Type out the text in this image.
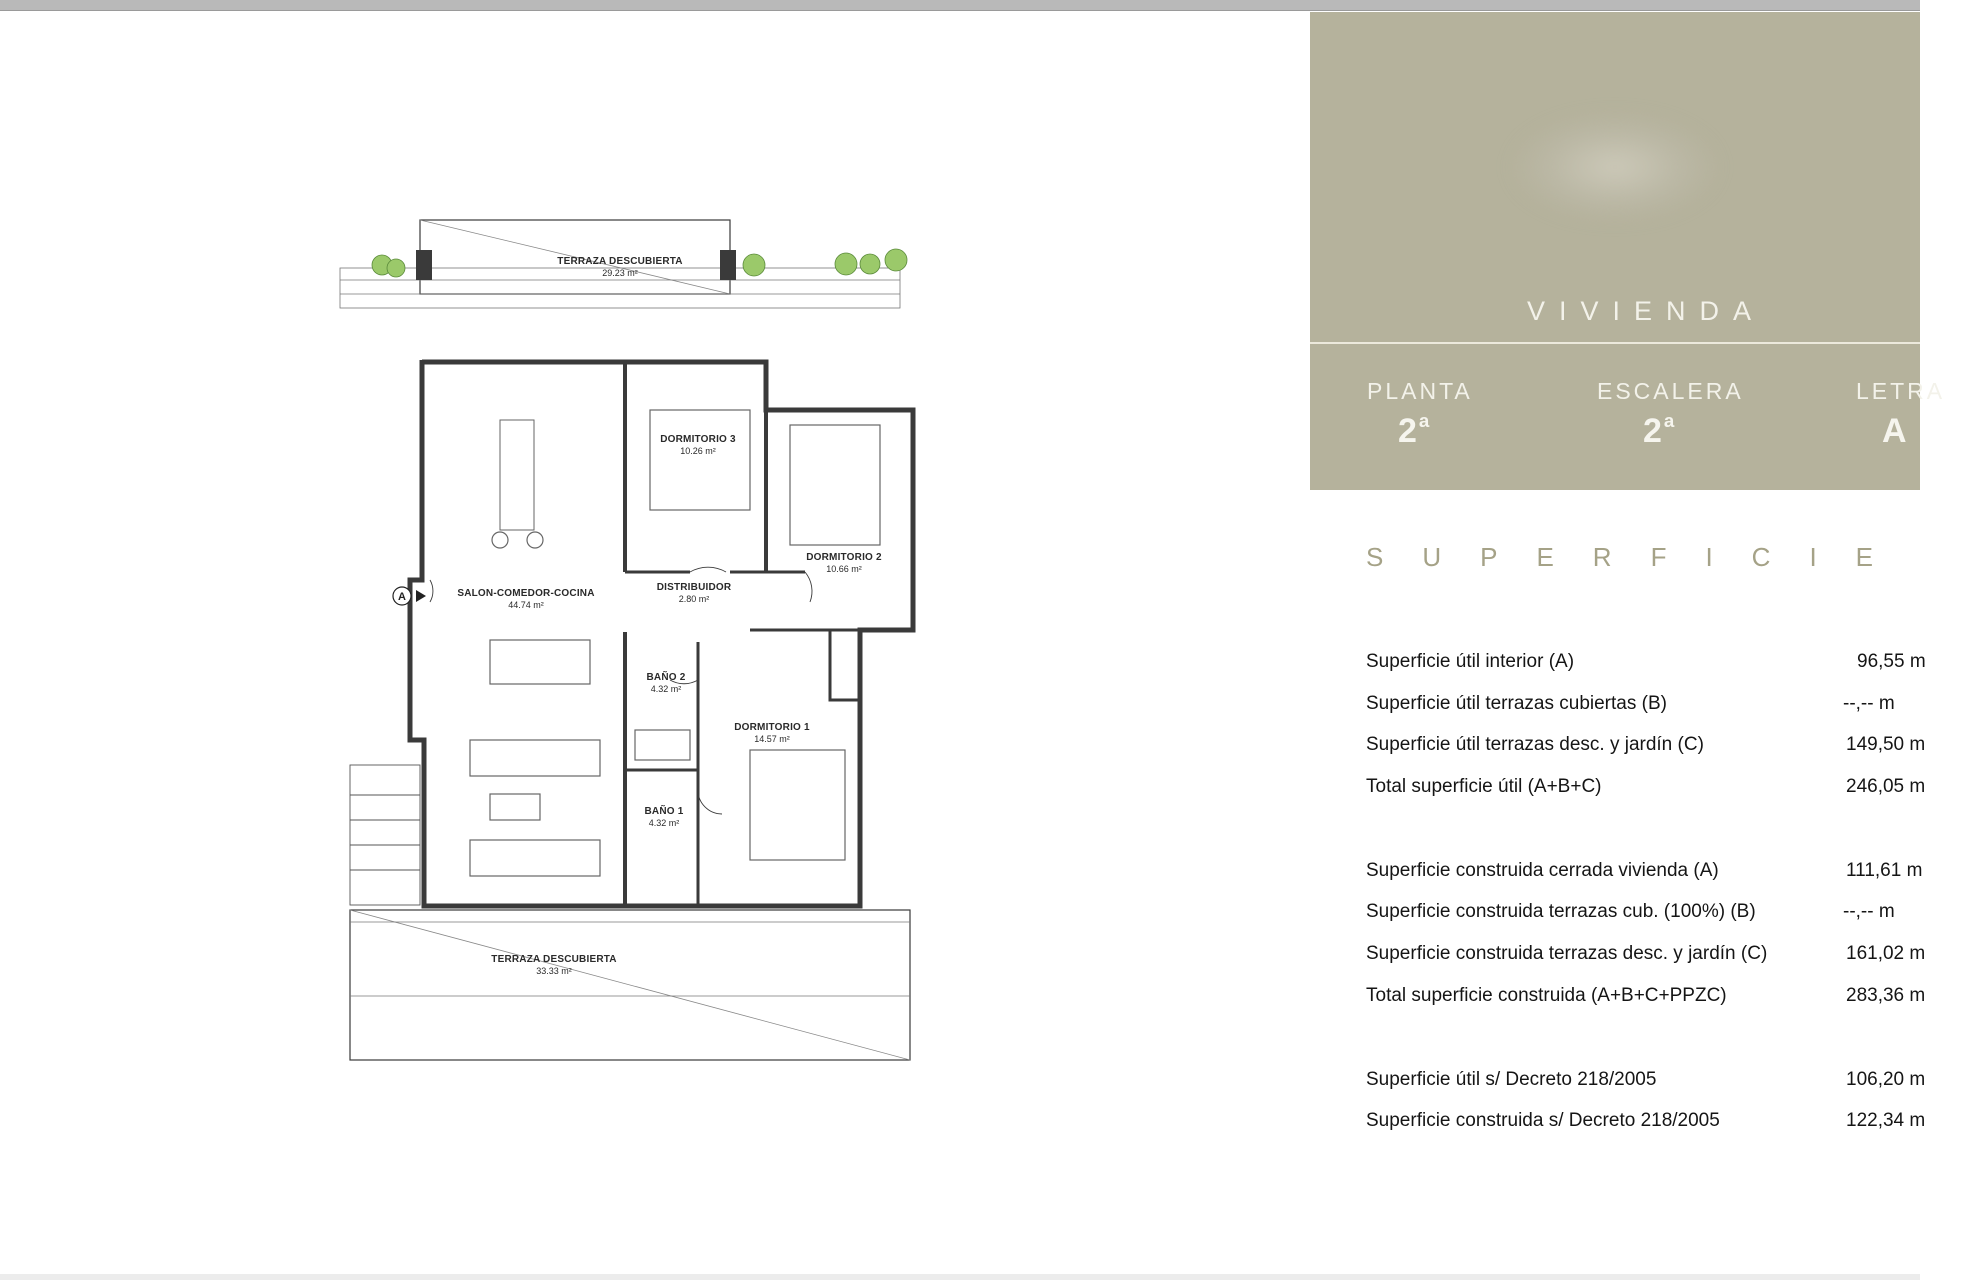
A
TERRAZA DESCUBIERTA
29.23 m²
DORMITORIO 3
10.26 m²
DORMITORIO 2
10.66 m²
SALON-COMEDOR-COCINA
44.74 m²
DISTRIBUIDOR
2.80 m²
BAÑO 2
4.32 m²
DORMITORIO 1
14.57 m²
BAÑO 1
4.32 m²
TERRAZA DESCUBIERTA
33.33 m²
VIVIENDA
PLANTA
2 $^a$
ESCALERA
2 $^a$
LETRA
A
SUPERFICIE
Superficie útil interior (A)	96,55 m
Superficie útil terrazas cubiertas (B)	--,-- m
Superficie útil terrazas desc. y jardín (C)	149,50 m
Total superficie útil (A+B+C)	246,05 m
Superficie construida cerrada vivienda (A)	111,61 m
Superficie construida terrazas cub. (100%) (B)	--,-- m
Superficie construida terrazas desc. y jardín (C)	161,02 m
Total superficie construida (A+B+C+PPZC)	283,36 m
Superficie útil s/ Decreto 218/2005	106,20 m
Superficie construida s/ Decreto 218/2005	122,34 m
